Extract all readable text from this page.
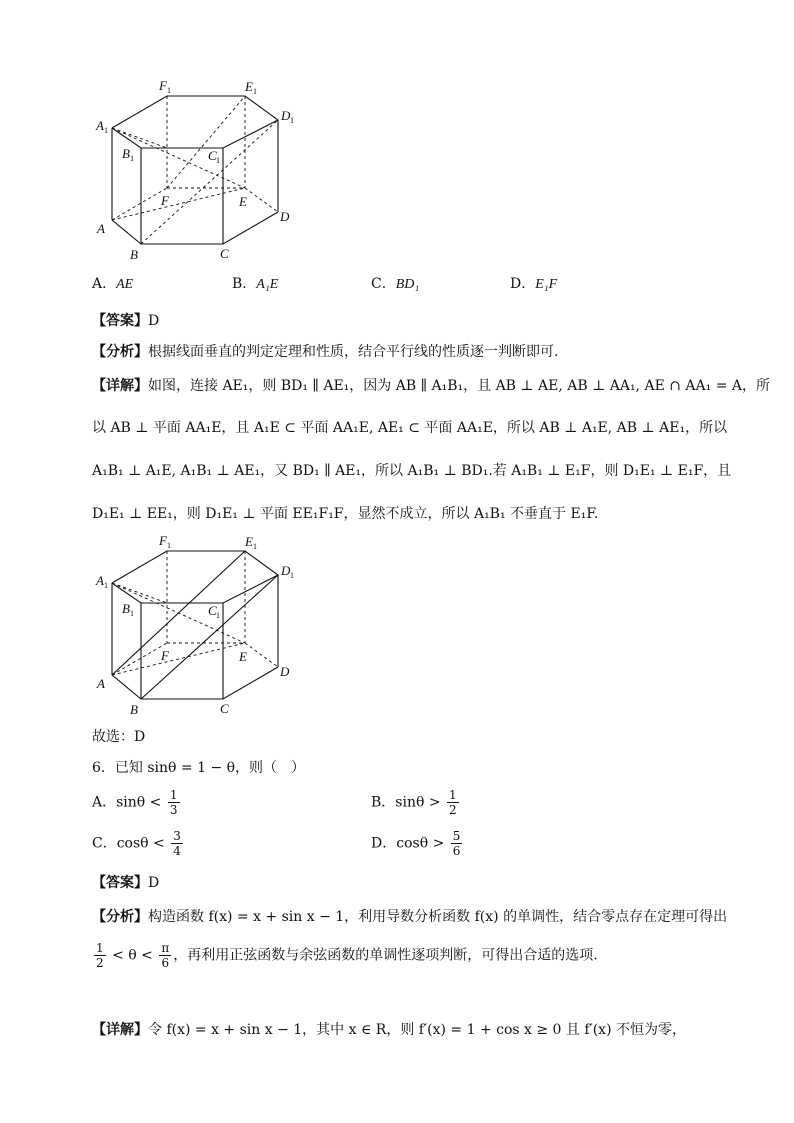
F 1	E 1
D 1
A 1
B 1	C 1
F	E
A
D
B	C
A．AE	B．A₁E	C．BD₁	D．E₁F
【答案】D
【分析】根据线面垂直的判定定理和性质，结合平行线的性质逐一判断即可.
【详解】如图，连接 AE₁，则 BD₁ ∥ AE₁，因为 AB ∥ A₁B₁，且 AB ⊥ AE, AB ⊥ AA₁, AE ∩ AA₁ = A，所
以 AB ⊥ 平面 AA₁E，且 A₁E ⊂ 平面 AA₁E, AE₁ ⊂ 平面 AA₁E，所以 AB ⊥ A₁E, AB ⊥ AE₁，所以
A₁B₁ ⊥ A₁E, A₁B₁ ⊥ AE₁，又 BD₁ ∥ AE₁，所以 A₁B₁ ⊥ BD₁.若 A₁B₁ ⊥ E₁F，则 D₁E₁ ⊥ E₁F，且
D₁E₁ ⊥ EE₁，则 D₁E₁ ⊥ 平面 EE₁F₁F，显然不成立，所以 A₁B₁ 不垂直于 E₁F.
F 1	E 1
D 1
A 1
B 1	C 1
F	E
A
D
B	C
故选：D
6．已知 sinθ = 1 − θ，则（　）
A．$\sin\theta < \frac{1}{3}$	B．$\sin\theta > \frac{1}{2}$
C．$\cos\theta < \frac{3}{4}$	D．$\cos\theta > \frac{5}{6}$
【答案】D
【分析】构造函数 f(x) = x + sin x − 1，利用导数分析函数 f(x) 的单调性，结合零点存在定理可得出
$\frac{1}{2} < \theta < \frac{\pi}{6}$ ，再利用正弦函数与余弦函数的单调性逐项判断，可得出合适的选项.
【详解】令 f(x) = x + sin x − 1，其中 x ∈ R，则 f′(x) = 1 + cos x ≥ 0 且 f′(x) 不恒为零，
